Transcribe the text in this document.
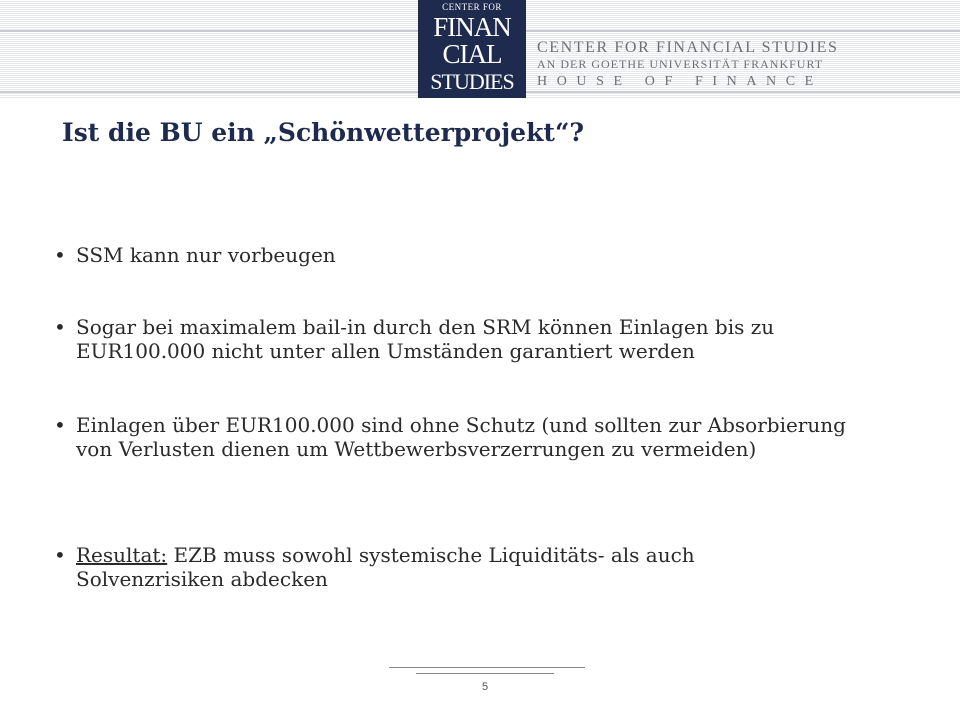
CENTER FOR
FINAN
CIAL
STUDIES
CENTER FOR FINANCIAL STUDIES
AN DER GOETHE UNIVERSITÄT FRANKFURT
HOUSE OF FINANCE
Ist die BU ein „Schönwetterprojekt“?

• SSM kann nur vorbeugen

• Sogar bei maximalem bail-in durch den SRM können Einlagen bis zu EUR100.000 nicht unter allen Umständen garantiert werden

• Einlagen über EUR100.000 sind ohne Schutz (und sollten zur Absorbierung von Verlusten dienen um Wettbewerbsverzerrungen zu vermeiden)

• Resultat: EZB muss sowohl systemische Liquiditäts- als auch Solvenzrisiken abdecken

5
